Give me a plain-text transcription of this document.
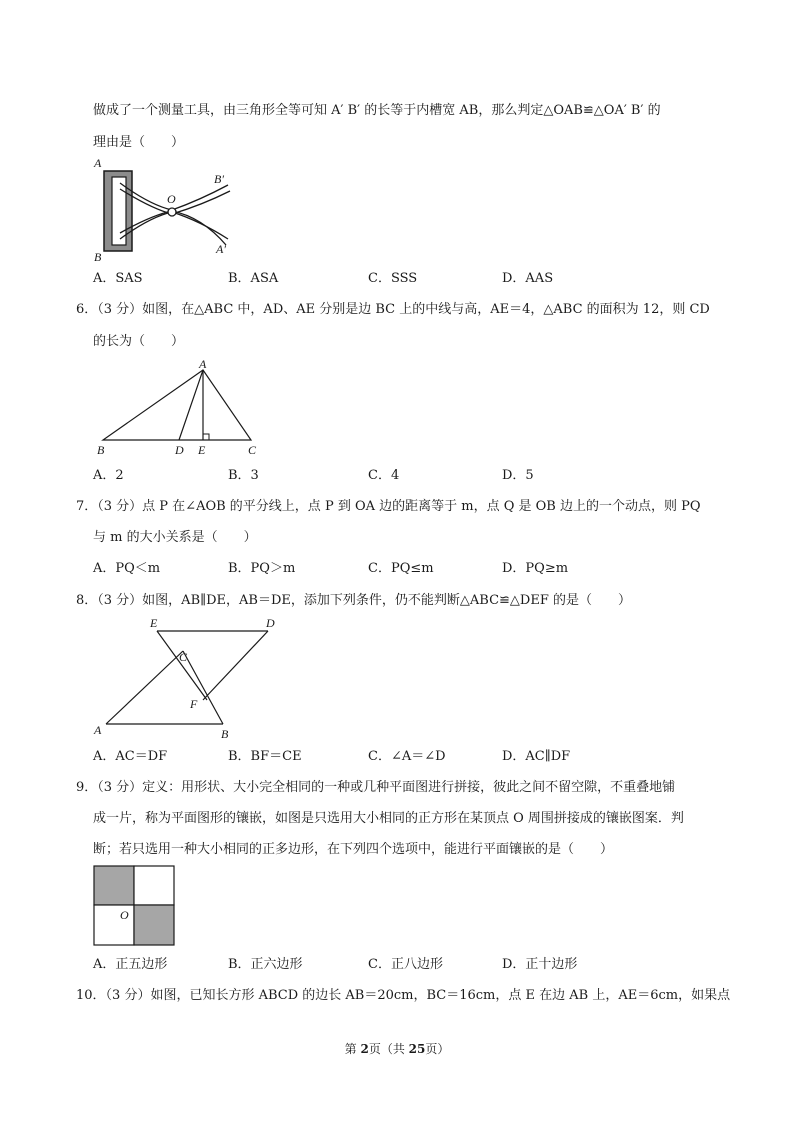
做成了一个测量工具，由三角形全等可知 A′ B′ 的长等于内槽宽 AB，那么判定△OAB≌△OA′ B′ 的
理由是（　　）
A
B
O
B′
A′
A．SAS	B．ASA	C．SSS	D．AAS
6．（3 分）如图，在△ABC 中，AD、AE 分别是边 BC 上的中线与高，AE＝4，△ABC 的面积为 12，则 CD
的长为（　　）
A
B	D E	C
A．2	B．3	C．4	D．5
7．（3 分）点 P 在∠AOB 的平分线上，点 P 到 OA 边的距离等于 m，点 Q 是 OB 边上的一个动点，则 PQ
与 m 的大小关系是（　　）
A．PQ＜m	B．PQ＞m	C．PQ≤m	D．PQ≥m
8．（3 分）如图，AB∥DE，AB＝DE，添加下列条件，仍不能判断△ABC≌△DEF 的是（　　）
E	D
C
F
A	B
A．AC＝DF	B．BF＝CE	C．∠A＝∠D	D．AC∥DF
9．（3 分）定义：用形状、大小完全相同的一种或几种平面图进行拼接，彼此之间不留空隙，不重叠地铺
成一片，称为平面图形的镶嵌，如图是只选用大小相同的正方形在某顶点 O 周围拼接成的镶嵌图案．判
断；若只选用一种大小相同的正多边形，在下列四个选项中，能进行平面镶嵌的是（　　）
O
A．正五边形	B．正六边形	C．正八边形	D．正十边形
10．（3 分）如图，已知长方形 ABCD 的边长 AB＝20cm，BC＝16cm，点 E 在边 AB 上，AE＝6cm，如果点
第 2页（共 25页）
